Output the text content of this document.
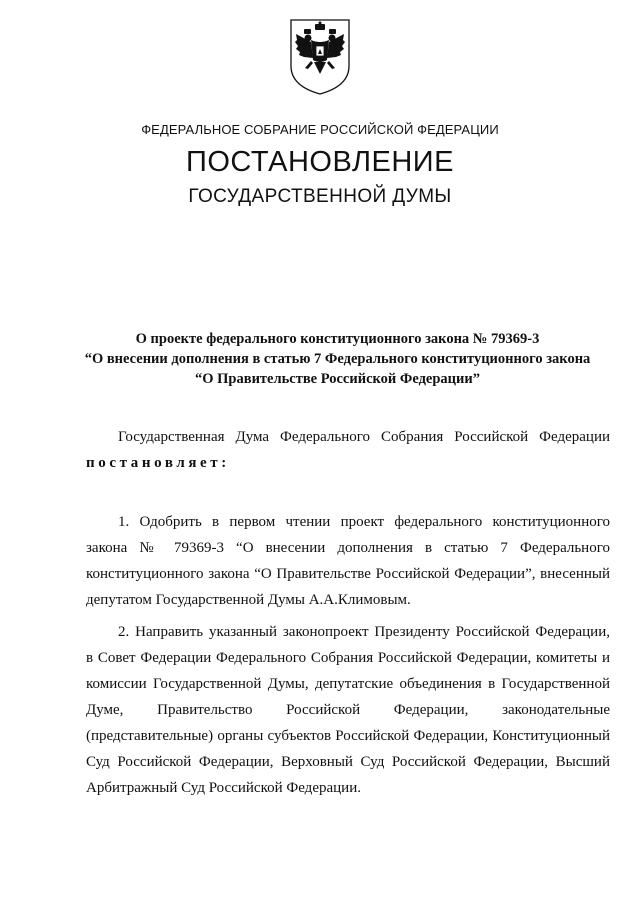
ФЕДЕРАЛЬНОЕ СОБРАНИЕ РОССИЙСКОЙ ФЕДЕРАЦИИ
ПОСТАНОВЛЕНИЕ
ГОСУДАРСТВЕННОЙ ДУМЫ
О проекте федерального конституционного закона № 79369-3
“О внесении дополнения в статью 7 Федерального конституционного закона
“О Правительстве Российской Федерации”
Государственная Дума Федерального Собрания Российской Федерации
постановляет:
1. Одобрить в первом чтении проект федерального конституционного
закона № 79369-3 “О внесении дополнения в статью 7 Федерального
конституционного закона “О Правительстве Российской Федерации”, внесенный
депутатом Государственной Думы А.А.Климовым.
2. Направить указанный законопроект Президенту Российской Федерации,
в Совет Федерации Федерального Собрания Российской Федерации, комитеты и
комиссии Государственной Думы, депутатские объединения в Государственной
Думе, Правительство Российской Федерации, законодательные
(представительные) органы субъектов Российской Федерации, Конституционный
Суд Российской Федерации, Верховный Суд Российской Федерации, Высший
Арбитражный Суд Российской Федерации.
